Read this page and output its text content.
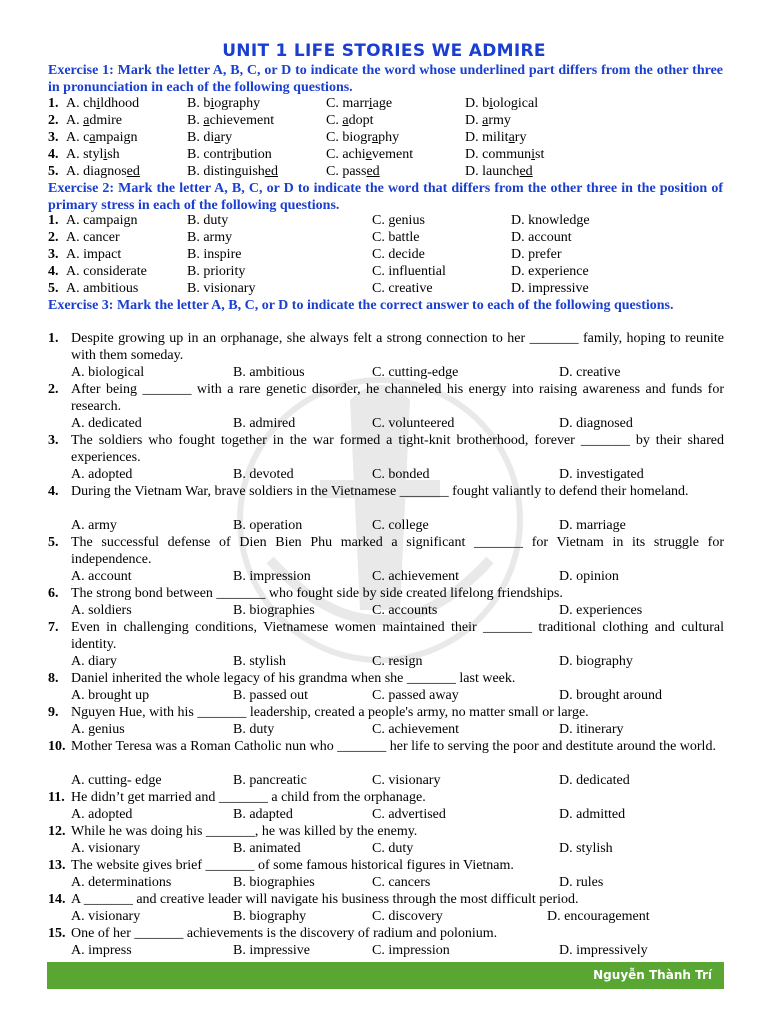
UNIT 1 LIFE STORIES WE ADMIRE
Exercise 1: Mark the letter A, B, C, or D to indicate the word whose underlined part differs from the other three in pronunciation in each of the following questions.
1. A. childhood	B. biography	C. marriage	D. biological
2. A. admire	B. achievement	C. adopt	D. army
3. A. campaign	B. diary	C. biography	D. military
4. A. stylish	B. contribution	C. achievement	D. communist
5. A. diagnosed	B. distinguished	C. passed	D. launched
Exercise 2: Mark the letter A, B, C, or D to indicate the word that differs from the other three in the position of primary stress in each of the following questions.
1. A. campaign	B. duty	C. genius	D. knowledge
2. A. cancer	B. army	C. battle	D. account
3. A. impact	B. inspire	C. decide	D. prefer
4. A. considerate	B. priority	C. influential	D. experience
5. A. ambitious	B. visionary	C. creative	D. impressive
Exercise 3: Mark the letter A, B, C, or D to indicate the correct answer to each of the following questions.
1. Despite growing up in an orphanage, she always felt a strong connection to her _______ family, hoping to reunite with them someday.
A. biological	B. ambitious	C. cutting-edge	D. creative
2. After being _______ with a rare genetic disorder, he channeled his energy into raising awareness and funds for research.
A. dedicated	B. admired	C. volunteered	D. diagnosed
3. The soldiers who fought together in the war formed a tight-knit brotherhood, forever _______ by their shared experiences.
A. adopted	B. devoted	C. bonded	D. investigated
4. During the Vietnam War, brave soldiers in the Vietnamese _______ fought valiantly to defend their homeland.
A. army	B. operation	C. college	D. marriage
5. The successful defense of Dien Bien Phu marked a significant _______ for Vietnam in its struggle for independence.
A. account	B. impression	C. achievement	D. opinion
6. The strong bond between _______ who fought side by side created lifelong friendships.
A. soldiers	B. biographies	C. accounts	D. experiences
7. Even in challenging conditions, Vietnamese women maintained their _______ traditional clothing and cultural identity.
A. diary	B. stylish	C. resign	D. biography
8. Daniel inherited the whole legacy of his grandma when she _______ last week.
A. brought up	B. passed out	C. passed away	D. brought around
9. Nguyen Hue, with his _______ leadership, created a people's army, no matter small or large.
A. genius	B. duty	C. achievement	D. itinerary
10. Mother Teresa was a Roman Catholic nun who _______ her life to serving the poor and destitute around the world.
A. cutting- edge	B. pancreatic	C. visionary	D. dedicated
11. He didn’t get married and _______ a child from the orphanage.
A. adopted	B. adapted	C. advertised	D. admitted
12. While he was doing his _______, he was killed by the enemy.
A. visionary	B. animated	C. duty	D. stylish
13. The website gives brief _______ of some famous historical figures in Vietnam.
A. determinations	B. biographies	C. cancers	D. rules
14. A _______ and creative leader will navigate his business through the most difficult period.
A. visionary	B. biography	C. discovery	D. encouragement
15. One of her _______ achievements is the discovery of radium and polonium.
A. impress	B. impressive	C. impression	D. impressively
Nguyễn Thành Trí
